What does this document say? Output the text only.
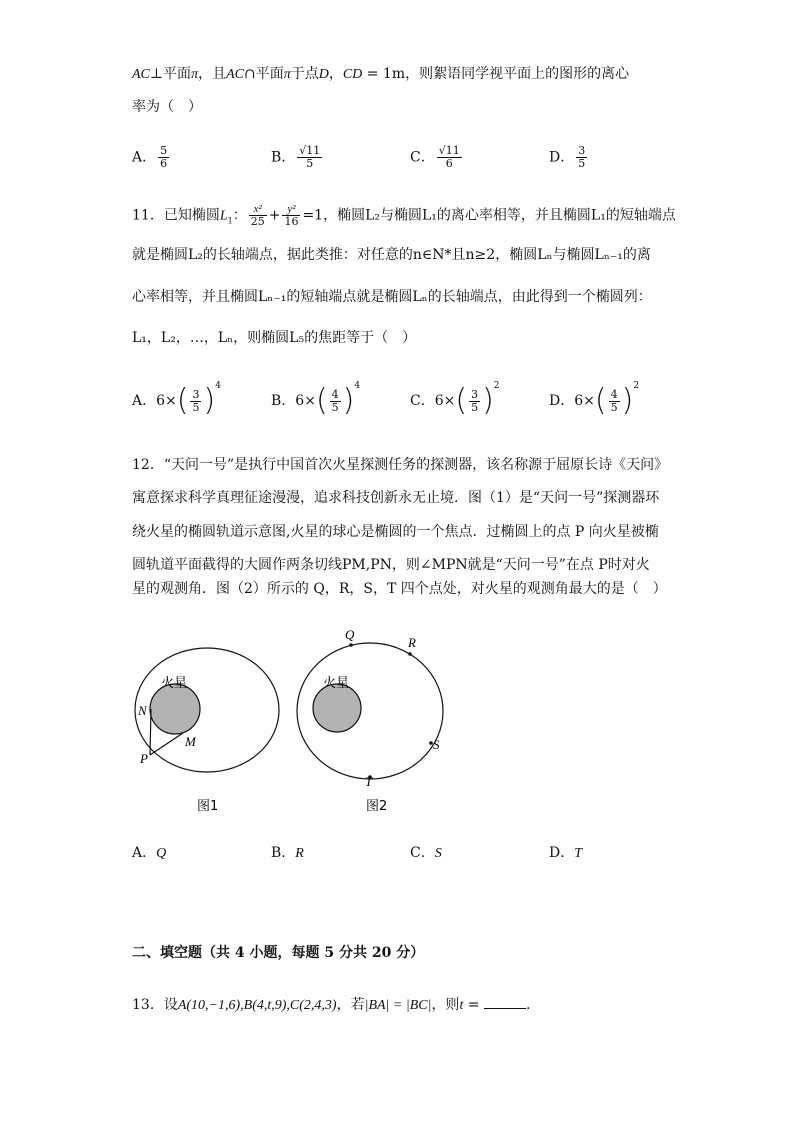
AC⊥平面π，且AC∩平面π于点D，CD = 1m，则絮语同学视平面上的图形的离心
率为（　）
A． $\frac{5}{6}$	B． $\frac{√11}{5}$	C． $\frac{√11}{6}$	D． $\frac{3}{5}$
11．已知椭圆$L_1$： $\frac{\text{x²}}{25} + \frac{\text{y²}}{16} =1$，椭圆L₂与椭圆L₁的离心率相等，并且椭圆L₁的短轴端点
就是椭圆L₂的长轴端点，据此类推：对任意的n∈N*且n≥2，椭圆Lₙ与椭圆Lₙ₋₁的离
心率相等，并且椭圆Lₙ₋₁的短轴端点就是椭圆Lₙ的长轴端点，由此得到一个椭圆列：
L₁，L₂，…，Lₙ，则椭圆L₅的焦距等于（　）
A．$6\times( \frac{3}{5} )^4$
B．$6\times( \frac{4}{5} )^4$
C．$6\times( \frac{3}{5} )^2$
D．$6\times( \frac{4}{5} )^2$
12．“天问一号”是执行中国首次火星探测任务的探测器，该名称源于屈原长诗《天问》
寓意探求科学真理征途漫漫，追求科技创新永无止境．图（1）是“天问一号”探测器环
绕火星的椭圆轨道示意图,火星的球心是椭圆的一个焦点．过椭圆上的点 P 向火星被椭
圆轨道平面截得的大圆作两条切线PM,PN，则∠MPN就是“天问一号”在点 P时对火
星的观测角．图（2）所示的 Q，R，S，T 四个点处，对火星的观测角最大的是（　）
火星
N
M
P
图1
火星
Q
R
S
T
图2
A．Q	B．R	C．S	D．T
二、填空题（共 4 小题，每题 5 分共 20 分）
13．设A(10,−1,6),B(4,t,9),C(2,4,3)，若|BA| = |BC|，则t =	.
